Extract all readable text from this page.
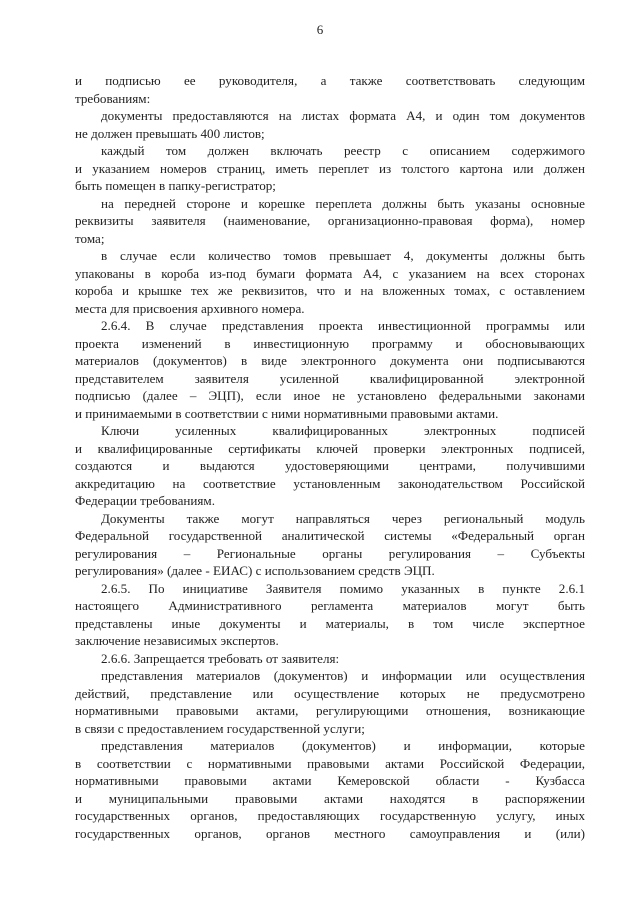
6
и подписью ее руководителя, а также соответствовать следующим
требованиям:
документы предоставляются на листах формата А4, и один том документов
не должен превышать 400 листов;
каждый том должен включать реестр с описанием содержимого
и указанием номеров страниц, иметь переплет из толстого картона или должен
быть помещен в папку-регистратор;
на передней стороне и корешке переплета должны быть указаны основные
реквизиты заявителя (наименование, организационно-правовая форма), номер
тома;
в случае если количество томов превышает 4, документы должны быть
упакованы в короба из-под бумаги формата А4, с указанием на всех сторонах
короба и крышке тех же реквизитов, что и на вложенных томах, с оставлением
места для присвоения архивного номера.
2.6.4. В случае представления проекта инвестиционной программы или
проекта изменений в инвестиционную программу и обосновывающих
материалов (документов) в виде электронного документа они подписываются
представителем заявителя усиленной квалифицированной электронной
подписью (далее – ЭЦП), если иное не установлено федеральными законами
и принимаемыми в соответствии с ними нормативными правовыми актами.
Ключи усиленных квалифицированных электронных подписей
и квалифицированные сертификаты ключей проверки электронных подписей,
создаются и выдаются удостоверяющими центрами, получившими
аккредитацию на соответствие установленным законодательством Российской
Федерации требованиям.
Документы также могут направляться через региональный модуль
Федеральной государственной аналитической системы «Федеральный орган
регулирования – Региональные органы регулирования – Субъекты
регулирования» (далее - ЕИАС) с использованием средств ЭЦП.
2.6.5. По инициативе Заявителя помимо указанных в пункте 2.6.1
настоящего Административного регламента материалов могут быть
представлены иные документы и материалы, в том числе экспертное
заключение независимых экспертов.
2.6.6. Запрещается требовать от заявителя:
представления материалов (документов) и информации или осуществления
действий, представление или осуществление которых не предусмотрено
нормативными правовыми актами, регулирующими отношения, возникающие
в связи с предоставлением государственной услуги;
представления материалов (документов) и информации, которые
в соответствии с нормативными правовыми актами Российской Федерации,
нормативными правовыми актами Кемеровской области - Кузбасса
и муниципальными правовыми актами находятся в распоряжении
государственных органов, предоставляющих государственную услугу, иных
государственных органов, органов местного самоуправления и (или)
